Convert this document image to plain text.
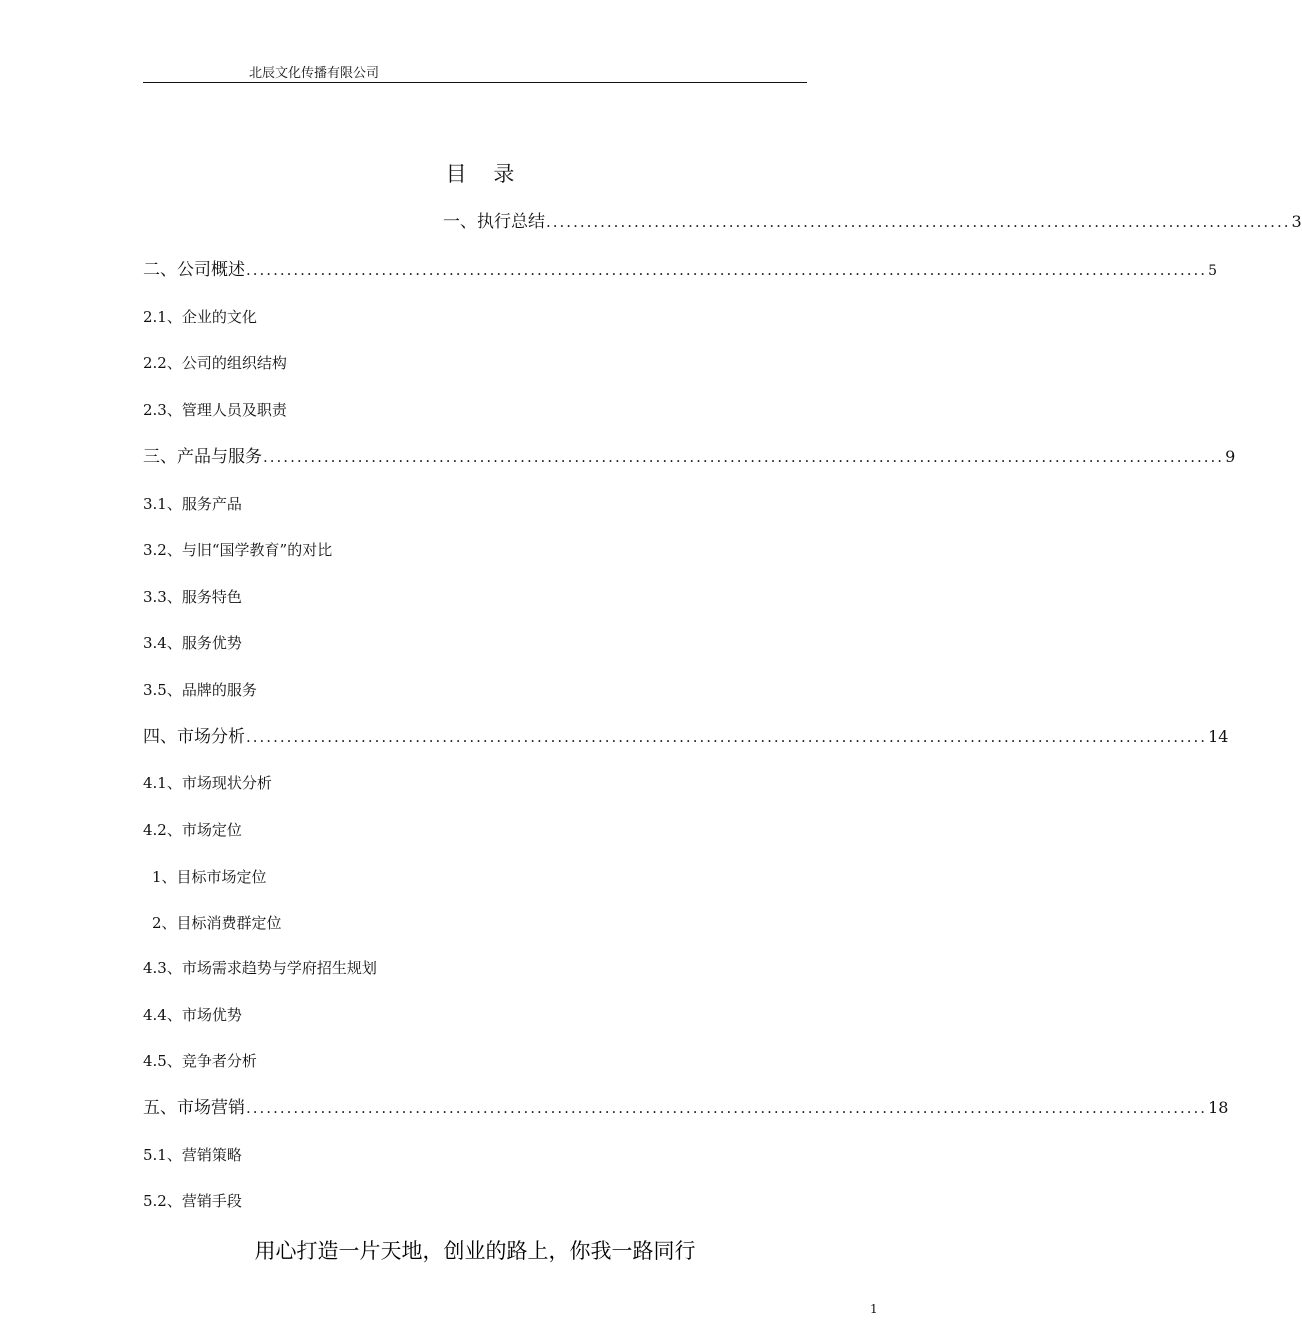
北辰文化传播有限公司
目    录
一、执行总结 .............................................................................................................. 3
二、公司概述 .............................................................................................................................................. 5
2.1、企业的文化
2.2、公司的组织结构
2.3、管理人员及职责
三、产品与服务 .............................................................................................................................................. 9
3.1、服务产品
3.2、与旧“国学教育”的对比
3.3、服务特色
3.4、服务优势
3.5、品牌的服务
四、市场分析 .............................................................................................................................................. 14
4.1、市场现状分析
4.2、市场定位
1、目标市场定位
2、目标消费群定位
4.3、市场需求趋势与学府招生规划
4.4、市场优势
4.5、竞争者分析
五、市场营销 .............................................................................................................................................. 18
5.1、营销策略
5.2、营销手段
用心打造一片天地，创业的路上，你我一路同行
1
